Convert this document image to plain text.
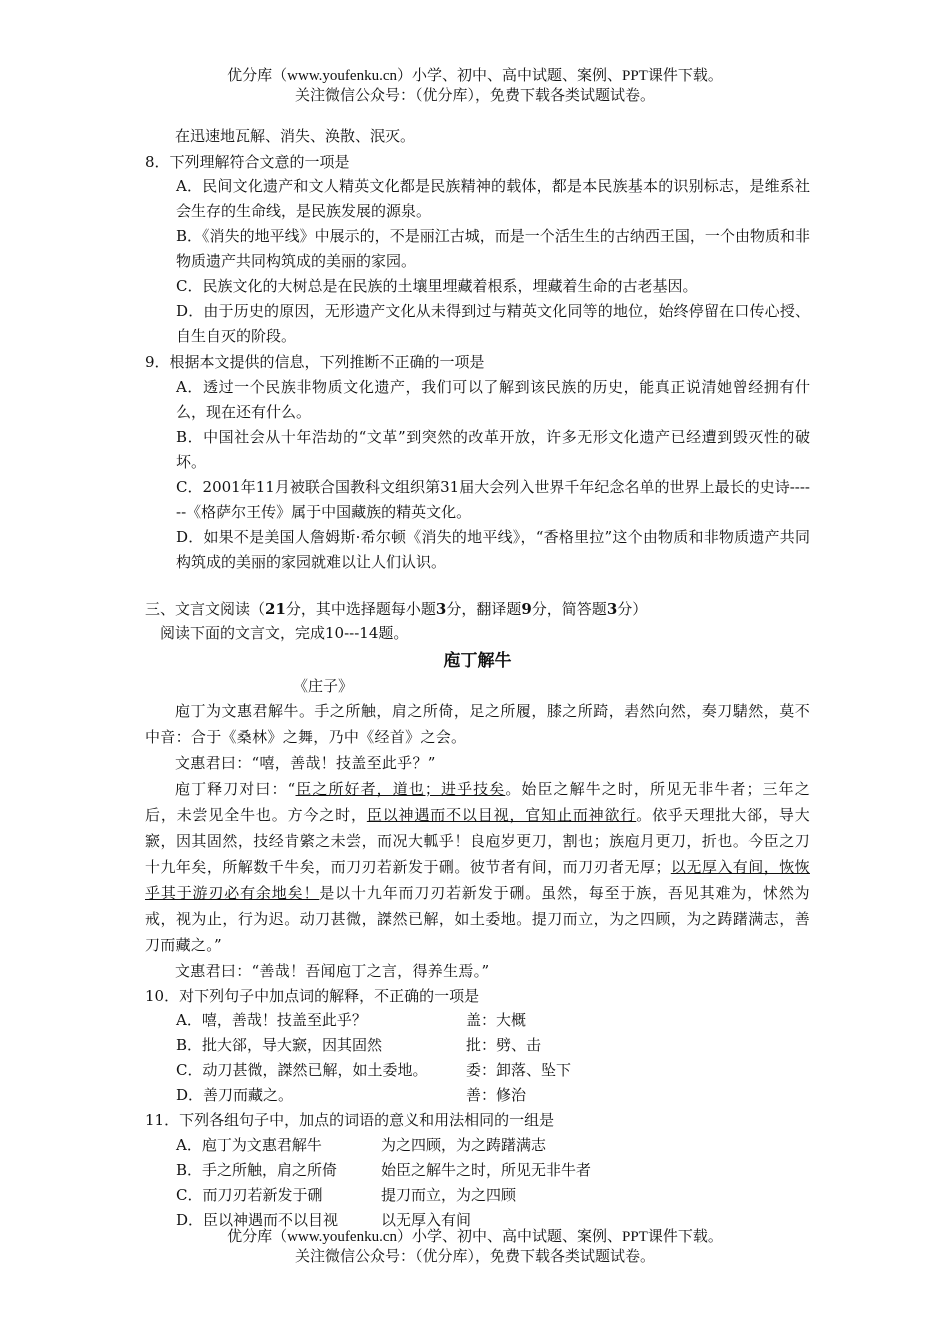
优分库（www.youfenku.cn）小学、初中、高中试题、案例、PPT课件下载。
关注微信公众号：（优分库），免费下载各类试题试卷。

在迅速地瓦解、消失、涣散、泯灭。

8．下列理解符合文意的一项是

A．民间文化遗产和文人精英文化都是民族精神的载体，都是本民族基本的识别标志，是维系社会生存的生命线，是民族发展的源泉。

B．《消失的地平线》中展示的，不是丽江古城，而是一个活生生的古纳西王国，一个由物质和非物质遗产共同构筑成的美丽的家园。

C．民族文化的大树总是在民族的土壤里埋藏着根系，埋藏着生命的古老基因。

D．由于历史的原因，无形遗产文化从未得到过与精英文化同等的地位，始终停留在口传心授、自生自灭的阶段。

9．根据本文提供的信息，下列推断不正确的一项是

A．透过一个民族非物质文化遗产，我们可以了解到该民族的历史，能真正说清她曾经拥有什么，现在还有什么。

B．中国社会从十年浩劫的“文革”到突然的改革开放，许多无形文化遗产已经遭到毁灭性的破坏。

C．2001年11月被联合国教科文组织第31届大会列入世界千年纪念名单的世界上最长的史诗------《格萨尔王传》属于中国藏族的精英文化。

D．如果不是美国人詹姆斯·希尔顿《消失的地平线》，“香格里拉”这个由物质和非物质遗产共同构筑成的美丽的家园就难以让人们认识。

三、文言文阅读（21分，其中选择题每小题3分，翻译题9分，简答题3分）

阅读下面的文言文，完成10---14题。

庖丁解牛

《庄子》

庖丁为文惠君解牛。手之所触，肩之所倚，足之所履，膝之所踦，砉然向然，奏刀騞然，莫不中音：合于《桑林》之舞，乃中《经首》之会。

文惠君曰：“嘻，善哉！技盖至此乎？”

庖丁释刀对曰：“臣之所好者，道也；进乎技矣。始臣之解牛之时，所见无非牛者；三年之后，未尝见全牛也。方今之时，臣以神遇而不以目视，官知止而神欲行。依乎天理批大郤，导大窾，因其固然，技经肯綮之未尝，而况大軱乎！良庖岁更刀，割也；族庖月更刀，折也。今臣之刀十九年矣，所解数千牛矣，而刀刃若新发于硎。彼节者有间，而刀刃者无厚；以无厚入有间，恢恢乎其于游刃必有余地矣！是以十九年而刀刃若新发于硎。虽然，每至于族，吾见其难为，怵然为戒，视为止，行为迟。动刀甚微，謋然已解，如土委地。提刀而立，为之四顾，为之踌躇满志，善刀而藏之。”

文惠君曰：“善哉！吾闻庖丁之言，得养生焉。”

10．对下列句子中加点词的解释，不正确的一项是

A．嘻，善哉！技盖至此乎？	盖：大概
B．批大郤，导大窾，因其固然	批：劈、击
C．动刀甚微，謋然已解，如土委地。	委：卸落、坠下
D．善刀而藏之。	善：修治

11．下列各组句子中，加点的词语的意义和用法相同的一组是

A．庖丁为文惠君解牛	为之四顾，为之踌躇满志
B．手之所触，肩之所倚	始臣之解牛之时，所见无非牛者
C．而刀刃若新发于硎	提刀而立，为之四顾
D．臣以神遇而不以目视	以无厚入有间
优分库（www.youfenku.cn）小学、初中、高中试题、案例、PPT课件下载。
关注微信公众号：（优分库），免费下载各类试题试卷。
